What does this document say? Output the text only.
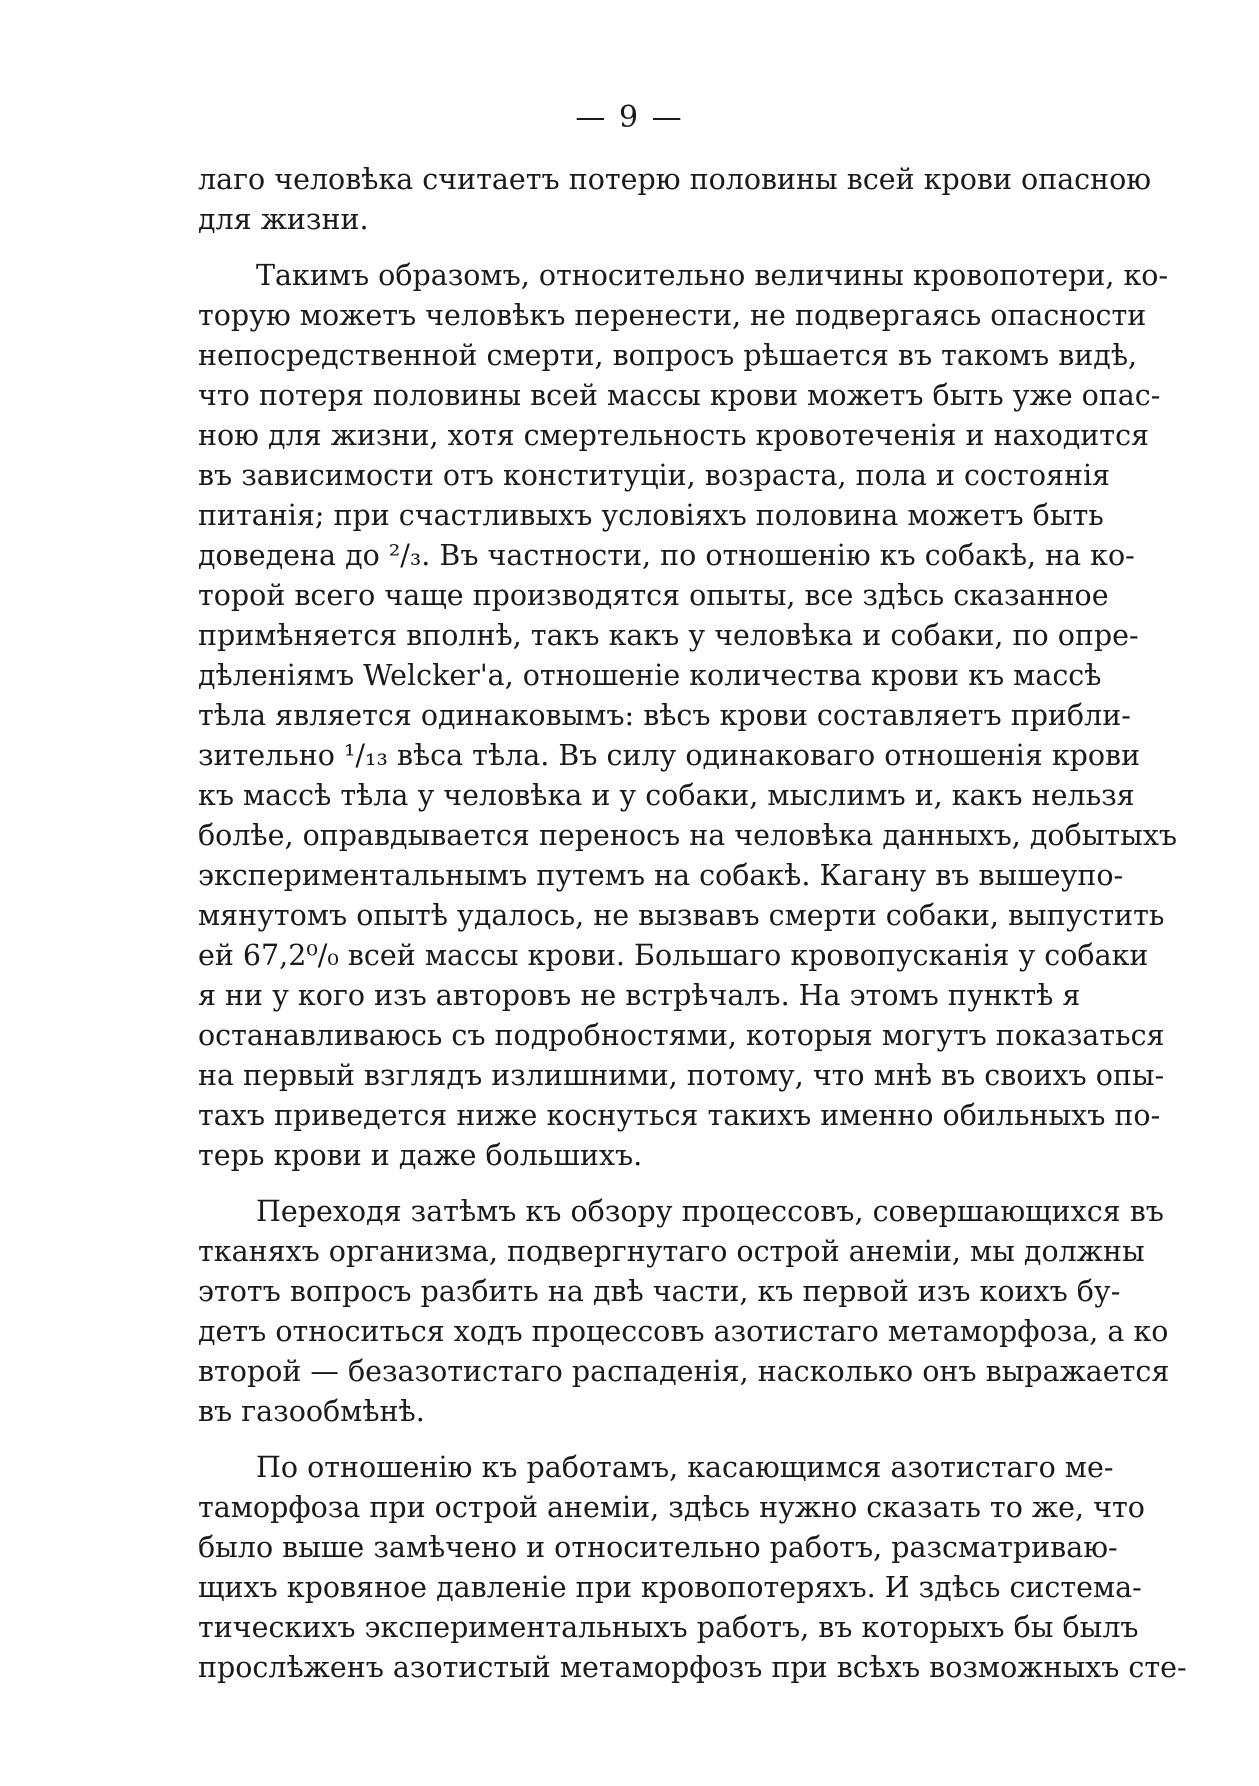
— 9 —
лаго человѣка считаетъ потерю половины всей крови опасною
для жизни.
Такимъ образомъ, относительно величины кровопотери, ко-
торую можетъ человѣкъ перенести, не подвергаясь опасности
непосредственной смерти, вопросъ рѣшается въ такомъ видѣ,
что потеря половины всей массы крови можетъ быть уже опас-
ною для жизни, хотя смертельность кровотеченія и находится
въ зависимости отъ конституціи, возраста, пола и состоянія
питанія; при счастливыхъ условіяхъ половина можетъ быть
доведена до ²/₃. Въ частности, по отношенію къ собакѣ, на ко-
торой всего чаще производятся опыты, все здѣсь сказанное
примѣняется вполнѣ, такъ какъ у человѣка и собаки, по опре-
дѣленіямъ Welcker'a, отношеніе количества крови къ массѣ
тѣла является одинаковымъ: вѣсъ крови составляетъ прибли-
зительно ¹/₁₃ вѣса тѣла. Въ силу одинаковаго отношенія крови
къ массѣ тѣла у человѣка и у собаки, мыслимъ и, какъ нельзя
болѣе, оправдывается переносъ на человѣка данныхъ, добытыхъ
экспериментальнымъ путемъ на собакѣ. Кагану въ вышеупо-
мянутомъ опытѣ удалось, не вызвавъ смерти собаки, выпустить
ей 67,2⁰/₀ всей массы крови. Большаго кровопусканія у собаки
я ни у кого изъ авторовъ не встрѣчалъ. На этомъ пунктѣ я
останавливаюсь съ подробностями, которыя могутъ показаться
на первый взглядъ излишними, потому, что мнѣ въ своихъ опы-
тахъ приведется ниже коснуться такихъ именно обильныхъ по-
терь крови и даже большихъ.
Переходя затѣмъ къ обзору процессовъ, совершающихся въ
тканяхъ организма, подвергнутаго острой анеміи, мы должны
этотъ вопросъ разбить на двѣ части, къ первой изъ коихъ бу-
детъ относиться ходъ процессовъ азотистаго метаморфоза, а ко
второй — безазотистаго распаденія, насколько онъ выражается
въ газообмѣнѣ.
По отношенію къ работамъ, касающимся азотистаго ме-
таморфоза при острой анеміи, здѣсь нужно сказать то же, что
было выше замѣчено и относительно работъ, разсматриваю-
щихъ кровяное давленіе при кровопотеряхъ. И здѣсь система-
тическихъ экспериментальныхъ работъ, въ которыхъ бы былъ
прослѣженъ азотистый метаморфозъ при всѣхъ возможныхъ сте-
